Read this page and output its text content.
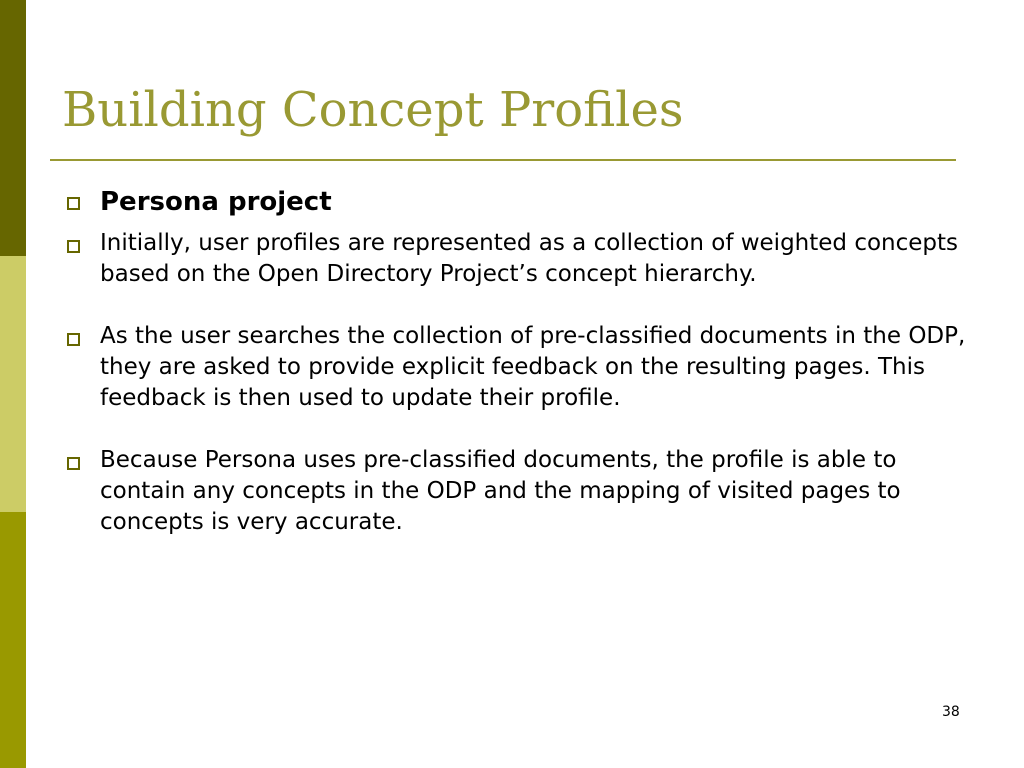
Building Concept Profiles
Persona project
Initially, user profiles are represented as a collection of weighted concepts based on the Open Directory Project’s concept hierarchy.
As the user searches the collection of pre-classified documents in the ODP, they are asked to provide explicit feedback on the resulting pages. This feedback is then used to update their profile.
Because Persona uses pre-classified documents, the profile is able to contain any concepts in the ODP and the mapping of visited pages to concepts is very accurate.
38
